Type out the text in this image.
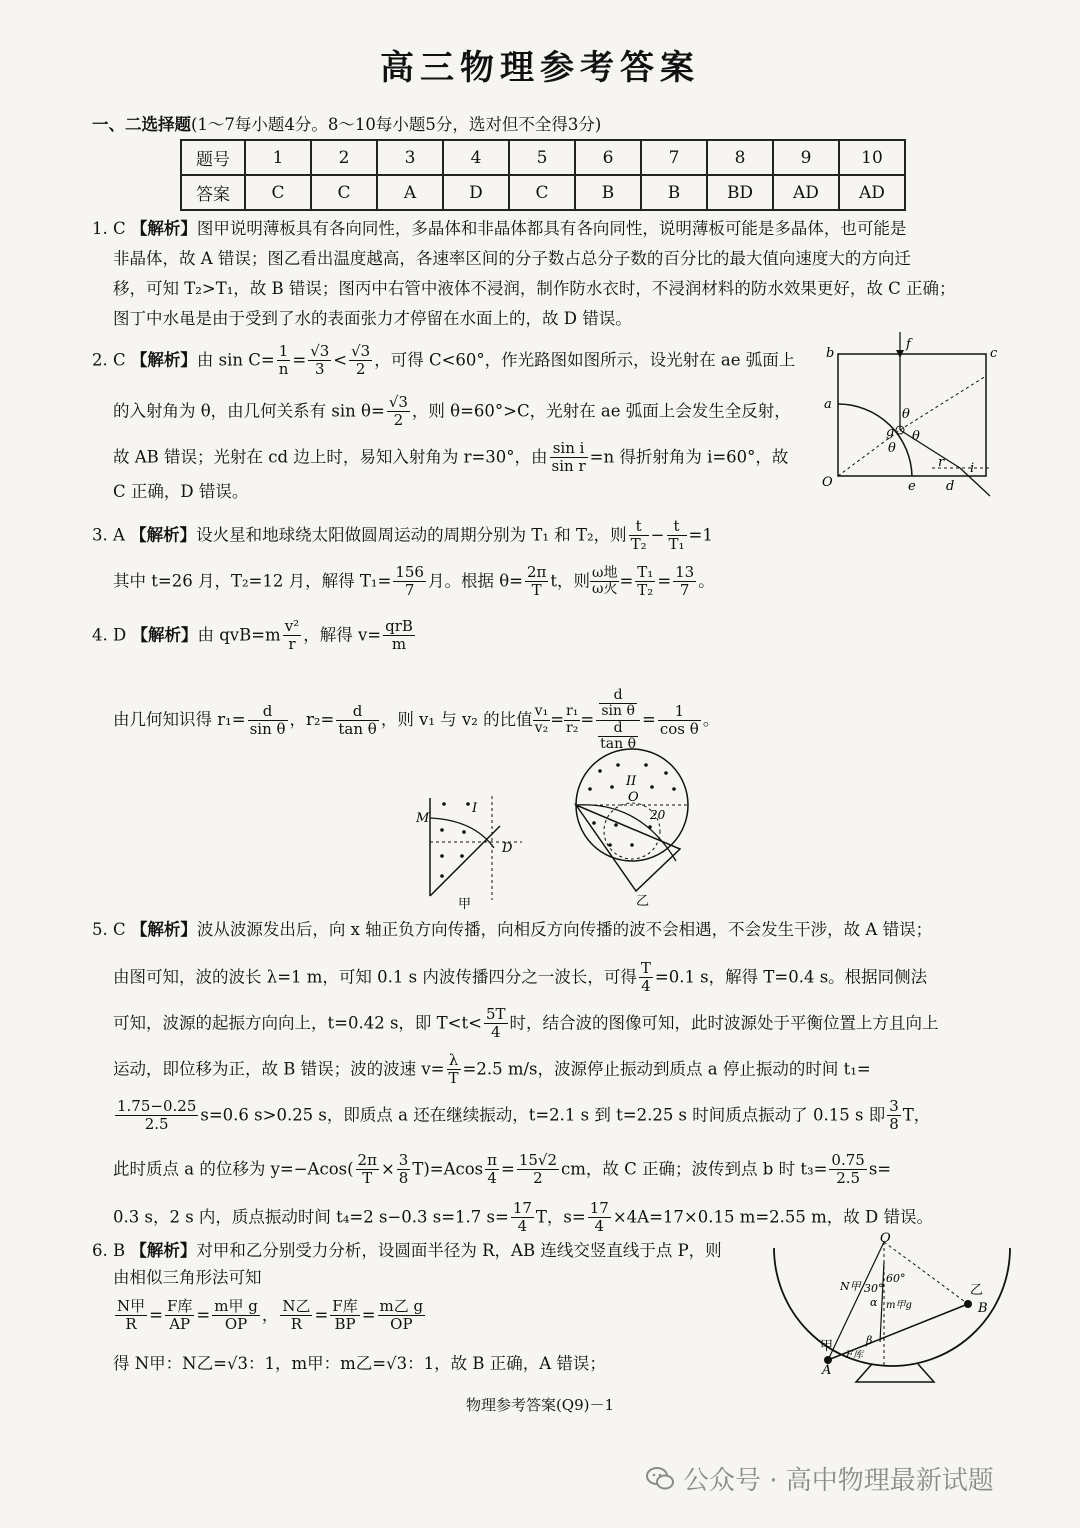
高三物理参考答案
一、二选择题(1～7每小题4分。8～10每小题5分，选对但不全得3分)
题号	1	2	3	4	5	6	7	8	9	10
答案	C	C	A	D	C	B	B	BD	AD	AD
1. C 【解析】图甲说明薄板具有各向同性，多晶体和非晶体都具有各向同性，说明薄板可能是多晶体，也可能是
非晶体，故 A 错误；图乙看出温度越高，各速率区间的分子数占总分子数的百分比的最大值向速度大的方向迁
移，可知 T₂>T₁，故 B 错误；图丙中右管中液体不浸润，制作防水衣时，不浸润材料的防水效果更好，故 C 正确；
图丁中水黾是由于受到了水的表面张力才停留在水面上的，故 D 错误。
2. C 【解析】由 $\sin C= \frac{1}{n} = \frac{√3}{3} < \frac{√3}{2}$ ，可得 C<60°，作光路图如图所示，设光射在 ae 弧面上
的入射角为 θ，由几何关系有 $\sin \theta= \frac{√3}{2}$ ，则 θ=60°>C，光射在 ae 弧面上会发生全反射，
故 AB 错误；光射在 cd 边上时，易知入射角为 r=30°，由 $\frac{\text{sin i}}{\text{sin r}} =n$ 得折射角为 i=60°，故
C 正确，D 错误。
b	c
f
a
g
θ
θ
θ
O	e d
r i
3. A 【解析】设火星和地球绕太阳做圆周运动的周期分别为 T₁ 和 T₂，则 $\frac{t}{\text{T₂}} - \frac{t}{\text{T₁}} =1$
其中 t=26 月，T₂=12 月，解得 $T_1= \frac{156}{7}$ 月。根据 $\theta= \frac{2\pi}{T}$ t，则 ω地
ω火 = $\frac{\text{T₁}}{\text{T₂}} = \frac{13}{7}$ 。
4. D 【解析】由 $qvB=m \frac{\text{v²}}{r}$ ，解得 $v= \frac{\text{qrB}}{m}$
由几何知识得 $r_1= \frac{d}{\text{sin θ}}$ ，$r_2= \frac{d}{\text{tan θ}}$ ，则 v₁ 与 v₂ 的比值 $\frac{\text{v₁}}{\text{v₂}} = \frac{\text{r₁}}{\text{r₂}} = \frac{\frac{d}{\text{sin θ}}}{\frac{d}{\text{tan θ}}} = \frac{1}{\text{cos θ}}$ 。
M
I
D
甲
II
O
20
乙
5. C 【解析】波从波源发出后，向 x 轴正负方向传播，向相反方向传播的波不会相遇，不会发生干涉，故 A 错误；
由图可知，波的波长 λ=1 m，可知 0.1 s 内波传播四分之一波长，可得 $\frac{T}{4} =0.1$ s，解得 T=0.4 s。根据同侧法
可知，波源的起振方向向上，t=0.42 s，即 $T<t< \frac{5T}{4}$ 时，结合波的图像可知，此时波源处于平衡位置上方且向上
运动，即位移为正，故 B 错误；波的波速 $v= \frac{\lambda}{T} =2.5$ m/s，波源停止振动到质点 a 停止振动的时间 t₁=
$\frac{1.75-0.25}{2.5} s=0.6$ s>0.25 s，即质点 a 还在继续振动，t=2.1 s 到 t=2.25 s 时间质点振动了 0.15 s 即 $\frac{3}{8}$ T，
此时质点 a 的位移为 $y=-Acos( \frac{2\pi}{T} \times \frac{3}{8} T)=Acos \frac{\pi}{4} = \frac{15√2}{2}$ cm，故 C 正确；波传到点 b 时 $t_3= \frac{0.75}{2.5} s=$
0.3 s，2 s 内，质点振动时间 t₄=2 s−0.3 s=1.7 $s= \frac{17}{4}$ T，$s= \frac{17}{4} \times 4A=17\times 0.15$ m=2.55 m，故 D 错误。
6. B 【解析】对甲和乙分别受力分析，设圆面半径为 R，AB 连线交竖直线于点 P，则
由相似三角形法可知
$\frac{\text{N甲}}{R} = \frac{\text{F库}}{AP} = \frac{\text{m甲 g}}{OP}$ ， $\frac{\text{N乙}}{R} = \frac{\text{F库}}{BP} = \frac{\text{m乙 g}}{OP}$
得 N甲：N乙=√3：1，m甲：m乙=√3：1，故 B 正确，A 错误；
O
30°
60°
N甲
m甲g
α
β
甲
乙
A
B
F库
物理参考答案(Q9)－1
公众号 · 高中物理最新试题
